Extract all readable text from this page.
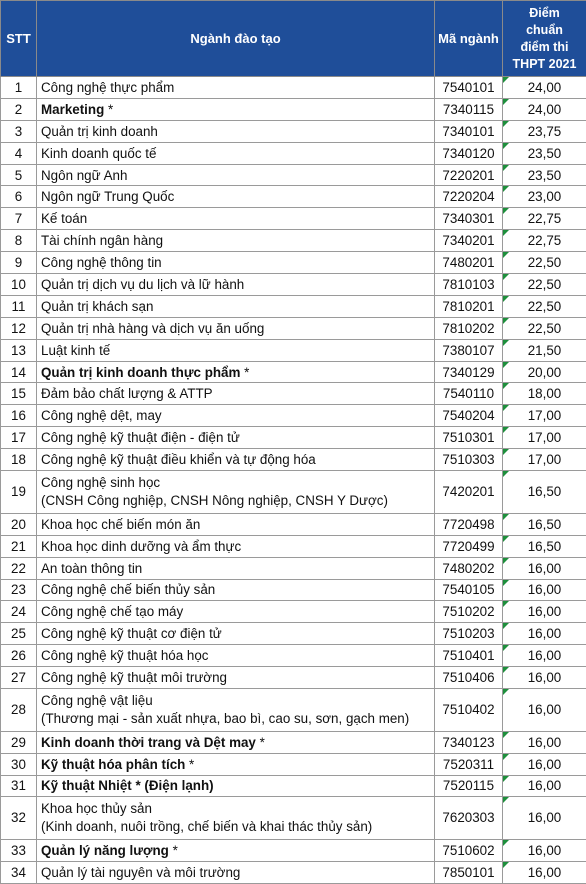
STT	Ngành đào tạo	Mã ngành	Điểm
chuẩn
điểm thi
THPT 2021

1	Công nghệ thực phẩm	7540101	24,00
2	Marketing *	7340115	24,00
3	Quản trị kinh doanh	7340101	23,75
4	Kinh doanh quốc tế	7340120	23,50
5	Ngôn ngữ Anh	7220201	23,50
6	Ngôn ngữ Trung Quốc	7220204	23,00
7	Kế toán	7340301	22,75
8	Tài chính ngân hàng	7340201	22,75
9	Công nghệ thông tin	7480201	22,50
10	Quản trị dịch vụ du lịch và lữ hành	7810103	22,50
11	Quản trị khách sạn	7810201	22,50
12	Quản trị nhà hàng và dịch vụ ăn uống	7810202	22,50
13	Luật kinh tế	7380107	21,50
14	Quản trị kinh doanh thực phẩm *	7340129	20,00
15	Đảm bảo chất lượng & ATTP	7540110	18,00
16	Công nghệ dệt, may	7540204	17,00
17	Công nghệ kỹ thuật điện - điện tử	7510301	17,00
18	Công nghệ kỹ thuật điều khiển và tự động hóa	7510303	17,00
19	Công nghệ sinh học

(CNSH Công nghiệp, CNSH Nông nghiệp, CNSH Y Dược)	7420201	16,50
20	Khoa học chế biến món ăn	7720498	16,50
21	Khoa học dinh dưỡng và ẩm thực	7720499	16,50
22	An toàn thông tin	7480202	16,00
23	Công nghệ chế biến thủy sản	7540105	16,00
24	Công nghệ chế tạo máy	7510202	16,00
25	Công nghệ kỹ thuật cơ điện tử	7510203	16,00
26	Công nghệ kỹ thuật hóa học	7510401	16,00
27	Công nghệ kỹ thuật môi trường	7510406	16,00
28	Công nghệ vật liệu

(Thương mại - sản xuất nhựa, bao bì, cao su, sơn, gạch men)	7510402	16,00
29	Kinh doanh thời trang và Dệt may *	7340123	16,00
30	Kỹ thuật hóa phân tích *	7520311	16,00
31	Kỹ thuật Nhiệt * (Điện lạnh)	7520115	16,00
32	Khoa học thủy sản

(Kinh doanh, nuôi trồng, chế biến và khai thác thủy sản)	7620303	16,00
33	Quản lý năng lượng *	7510602	16,00
34	Quản lý tài nguyên và môi trường	7850101	16,00
